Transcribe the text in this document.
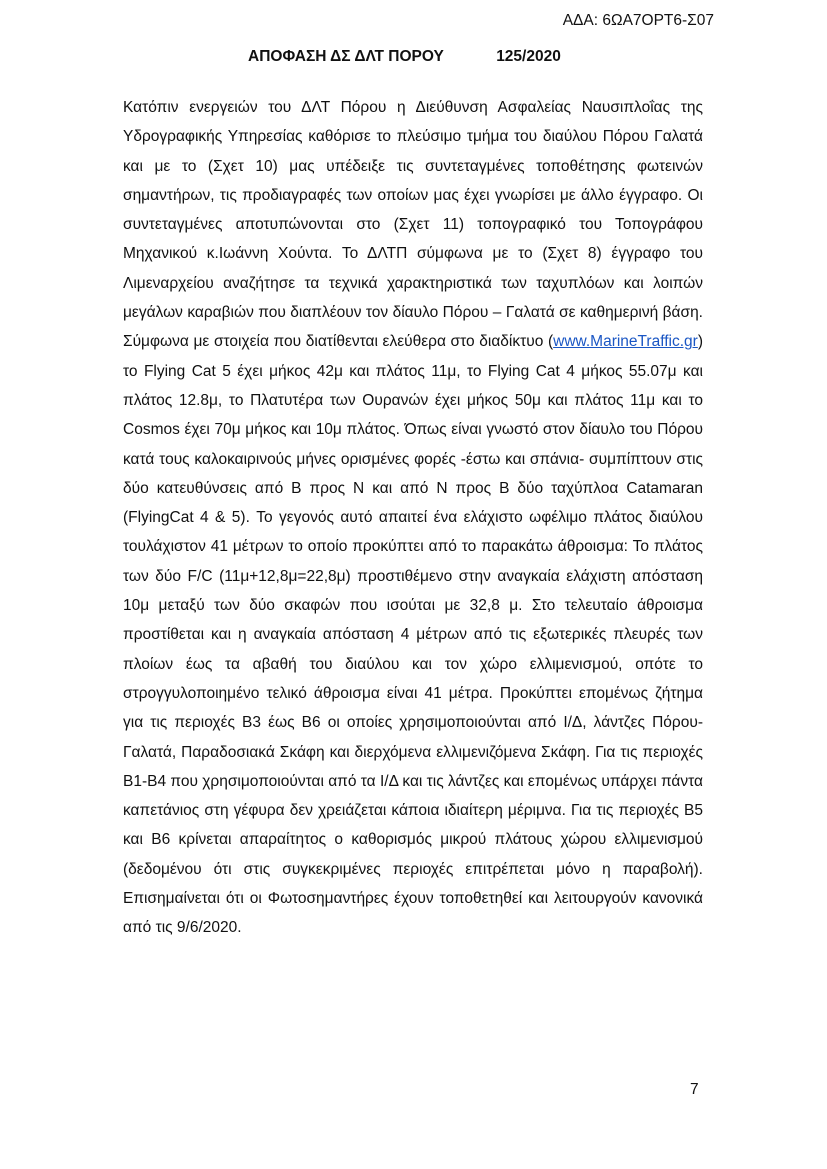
ΑΔΑ: 6ΩΑ7ΟΡΤ6-Σ07
ΑΠΟΦΑΣΗ ΔΣ ΔΛΤ ΠΟΡΟΥ	125/2020

Κατόπιν ενεργειών του ΔΛΤ Πόρου η Διεύθυνση Ασφαλείας Ναυσιπλοΐας της Υδρογραφικής Υπηρεσίας καθόρισε το πλεύσιμο τμήμα του διαύλου Πόρου Γαλατά και με το (Σχετ 10) μας υπέδειξε τις συντεταγμένες τοποθέτησης φωτεινών σημαντήρων, τις προδιαγραφές των οποίων μας έχει γνωρίσει με άλλο έγγραφο. Οι συντεταγμένες αποτυπώνονται στο (Σχετ 11) τοπογραφικό του Τοπογράφου Μηχανικού κ.Ιωάννη Χούντα. Το ΔΛΤΠ σύμφωνα με το (Σχετ 8) έγγραφο του Λιμεναρχείου αναζήτησε τα τεχνικά χαρακτηριστικά των ταχυπλόων και λοιπών μεγάλων καραβιών που διαπλέουν τον δίαυλο Πόρου – Γαλατά σε καθημερινή βάση. Σύμφωνα με στοιχεία που διατίθενται ελεύθερα στο διαδίκτυο (www.MarineTraffic.gr) το Flying Cat 5 έχει μήκος 42μ και πλάτος 11μ, το Flying Cat 4 μήκος 55.07μ και πλάτος 12.8μ, το Πλατυτέρα των Ουρανών έχει μήκος 50μ και πλάτος 11μ και το Cosmos έχει 70μ μήκος και 10μ πλάτος. Όπως είναι γνωστό στον δίαυλο του Πόρου κατά τους καλοκαιρινούς μήνες ορισμένες φορές -έστω και σπάνια- συμπίπτουν στις δύο κατευθύνσεις από Β προς Ν και από Ν προς Β δύο ταχύπλοα Catamaran (FlyingCat 4 & 5). Το γεγονός αυτό απαιτεί ένα ελάχιστο ωφέλιμο πλάτος διαύλου τουλάχιστον 41 μέτρων το οποίο προκύπτει από το παρακάτω άθροισμα: Το πλάτος των δύο F/C (11μ+12,8μ=22,8μ) προστιθέμενο στην αναγκαία ελάχιστη απόσταση 10μ μεταξύ των δύο σκαφών που ισούται με 32,8 μ. Στο τελευταίο άθροισμα προστίθεται και η αναγκαία απόσταση 4 μέτρων από τις εξωτερικές πλευρές των πλοίων έως τα αβαθή του διαύλου και τον χώρο ελλιμενισμού, οπότε το στρογγυλοποιημένο τελικό άθροισμα είναι 41 μέτρα. Προκύπτει επομένως ζήτημα για τις περιοχές Β3 έως Β6 οι οποίες χρησιμοποιούνται από Ι/Δ, λάντζες Πόρου-Γαλατά, Παραδοσιακά Σκάφη και διερχόμενα ελλιμενιζόμενα Σκάφη. Για τις περιοχές Β1-Β4 που χρησιμοποιούνται από τα Ι/Δ και τις λάντζες και επομένως υπάρχει πάντα καπετάνιος στη γέφυρα δεν χρειάζεται κάποια ιδιαίτερη μέριμνα. Για τις περιοχές Β5 και Β6 κρίνεται απαραίτητος ο καθορισμός μικρού πλάτους χώρου ελλιμενισμού (δεδομένου ότι στις συγκεκριμένες περιοχές επιτρέπεται μόνο η παραβολή). Επισημαίνεται ότι οι Φωτοσημαντήρες έχουν τοποθετηθεί και λειτουργούν κανονικά από τις 9/6/2020.

7
